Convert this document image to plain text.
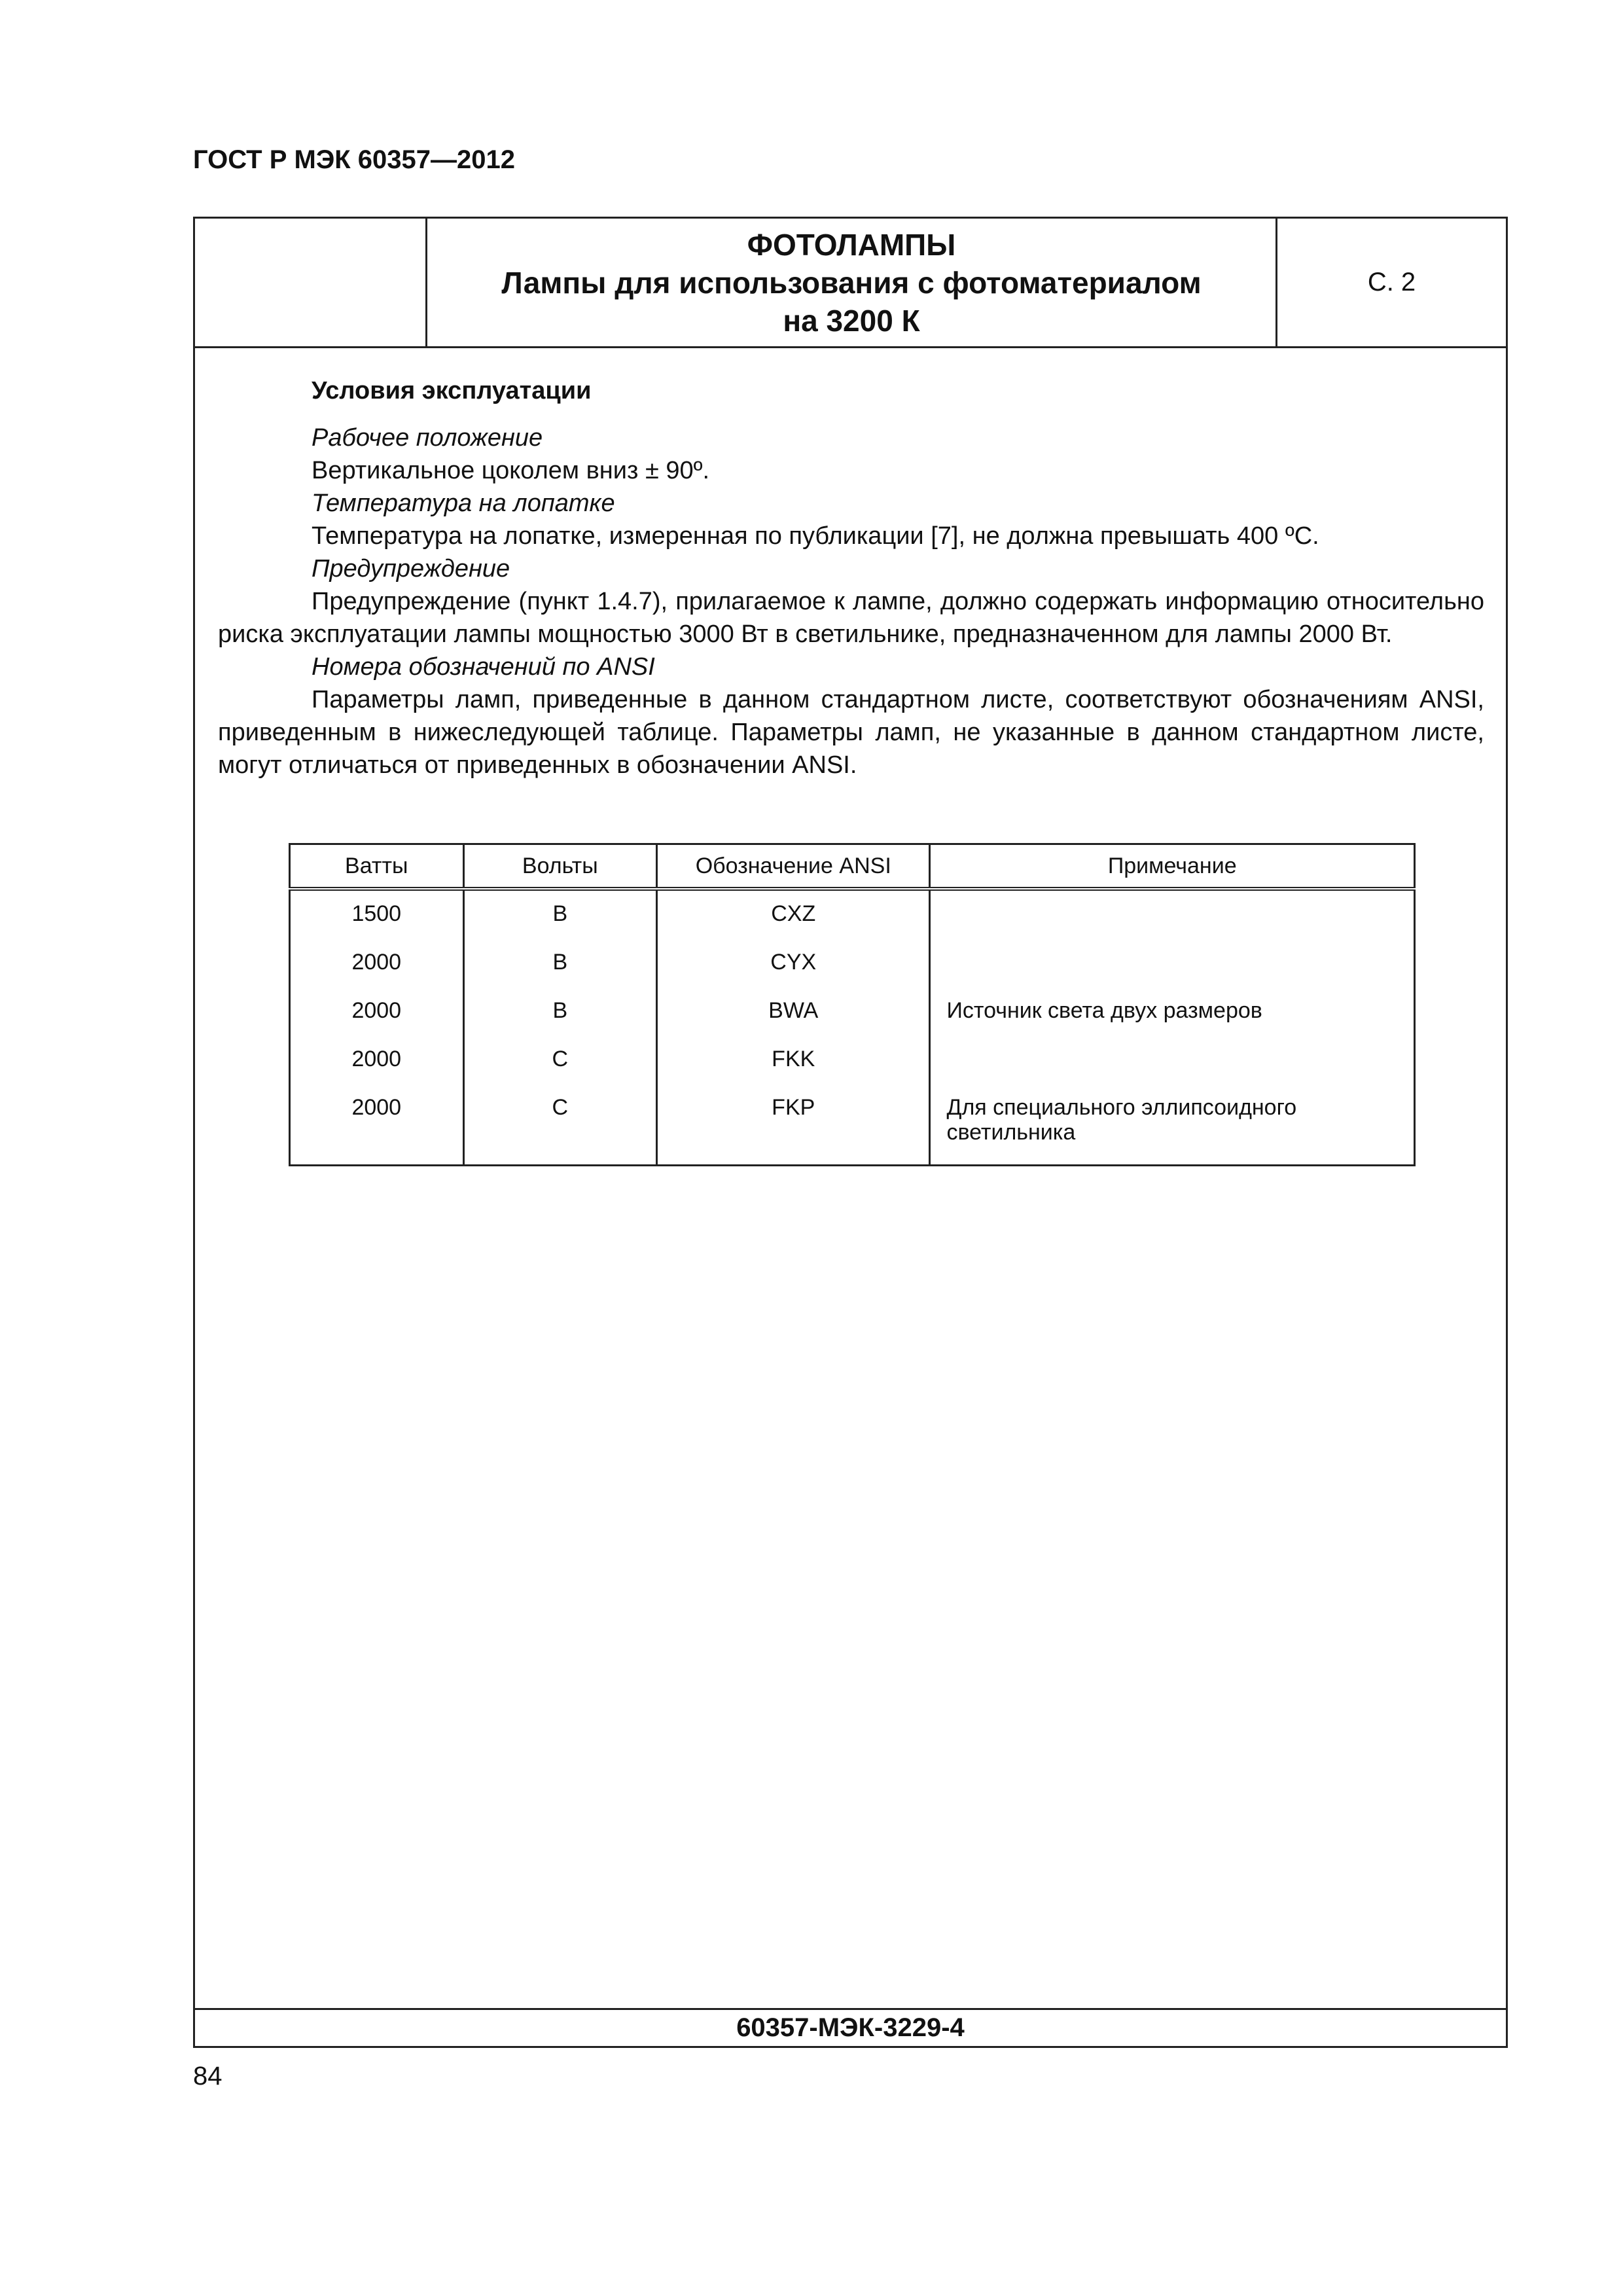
ГОСТ Р МЭК 60357—2012
ФОТОЛАМПЫ
Лампы для использования с фотоматериалом
на 3200 К
С. 2

Условия эксплуатации

Рабочее положение

Вертикальное цоколем вниз ± 90º.

Температура на лопатке

Температура на лопатке, измеренная по публикации [7], не должна превышать 400 ºС.

Предупреждение

Предупреждение (пункт 1.4.7), прилагаемое к лампе, должно содержать информацию относительно риска эксплуатации лампы мощностью 3000 Вт в светильнике, предназначенном для лампы 2000 Вт.

Номера обозначений по ANSI

Параметры ламп, приведенные в данном стандартном листе, соответствуют обозначениям ANSI, приведенным в нижеследующей таблице. Параметры ламп, не указанные в данном стандартном листе, могут отличаться от приведенных в обозначении ANSI.

Ватты	Вольты	Обозначение ANSI	Примечание
1500	В	CXZ	
2000	В	CYX	
2000	В	BWA	Источник света двух размеров
2000	С	FKK	
2000	С	FKP	Для специального эллипсоидного светильника
60357-МЭК-3229-4
84
